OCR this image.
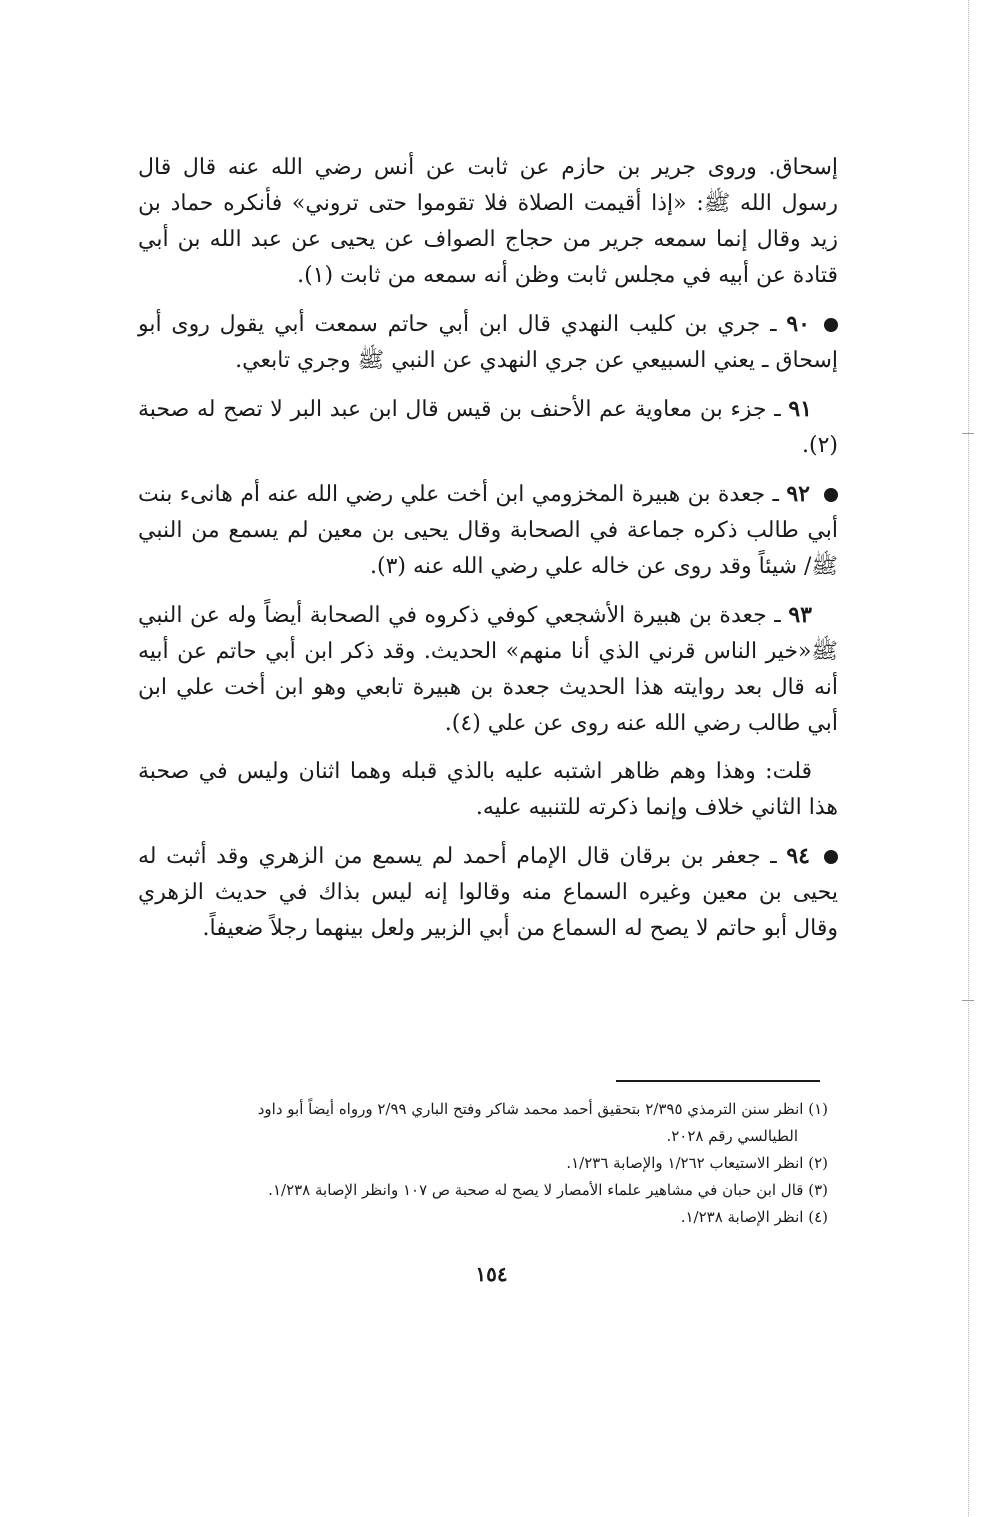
إسحاق. وروى جرير بن حازم عن ثابت عن أنس رضي الله عنه قال قال رسول الله ﷺ: «إذا أقيمت الصلاة فلا تقوموا حتى تروني» فأنكره حماد بن زيد وقال إنما سمعه جرير من حجاج الصواف عن يحيى عن عبد الله بن أبي قتادة عن أبيه في مجلس ثابت وظن أنه سمعه من ثابت (١).

٩٠ ـ جري بن كليب النهدي قال ابن أبي حاتم سمعت أبي يقول روى أبو إسحاق ـ يعني السبيعي عن جري النهدي عن النبي ﷺ وجري تابعي.

٩١ ـ جزء بن معاوية عم الأحنف بن قيس قال ابن عبد البر لا تصح له صحبة (٢).

٩٢ ـ جعدة بن هبيرة المخزومي ابن أخت علي رضي الله عنه أم هانىء بنت أبي طالب ذكره جماعة في الصحابة وقال يحيى بن معين لم يسمع من النبي ﷺ/ شيئاً وقد روى عن خاله علي رضي الله عنه (٣).

٩٣ ـ جعدة بن هبيرة الأشجعي كوفي ذكروه في الصحابة أيضاً وله عن النبي ﷺ«خير الناس قرني الذي أنا منهم» الحديث. وقد ذكر ابن أبي حاتم عن أبيه أنه قال بعد روايته هذا الحديث جعدة بن هبيرة تابعي وهو ابن أخت علي ابن أبي طالب رضي الله عنه روى عن علي (٤).

قلت: وهذا وهم ظاهر اشتبه عليه بالذي قبله وهما اثنان وليس في صحبة هذا الثاني خلاف وإنما ذكرته للتنبيه عليه.

٩٤ ـ جعفر بن برقان قال الإمام أحمد لم يسمع من الزهري وقد أثبت له يحيى بن معين وغيره السماع منه وقالوا إنه ليس بذاك في حديث الزهري وقال أبو حاتم لا يصح له السماع من أبي الزبير ولعل بينهما رجلاً ضعيفاً.

(١) انظر سنن الترمذي ٢/٣٩٥ بتحقيق أحمد محمد شاكر وفتح الباري ٢/٩٩ ورواه أيضاً أبو داود
الطيالسي رقم ٢٠٢٨.

(٢) انظر الاستيعاب ١/٢٦٢ والإصابة ١/٢٣٦.

(٣) قال ابن حبان في مشاهير علماء الأمصار لا يصح له صحبة ص ١٠٧ وانظر الإصابة ١/٢٣٨.

(٤) انظر الإصابة ١/٢٣٨.

١٥٤
